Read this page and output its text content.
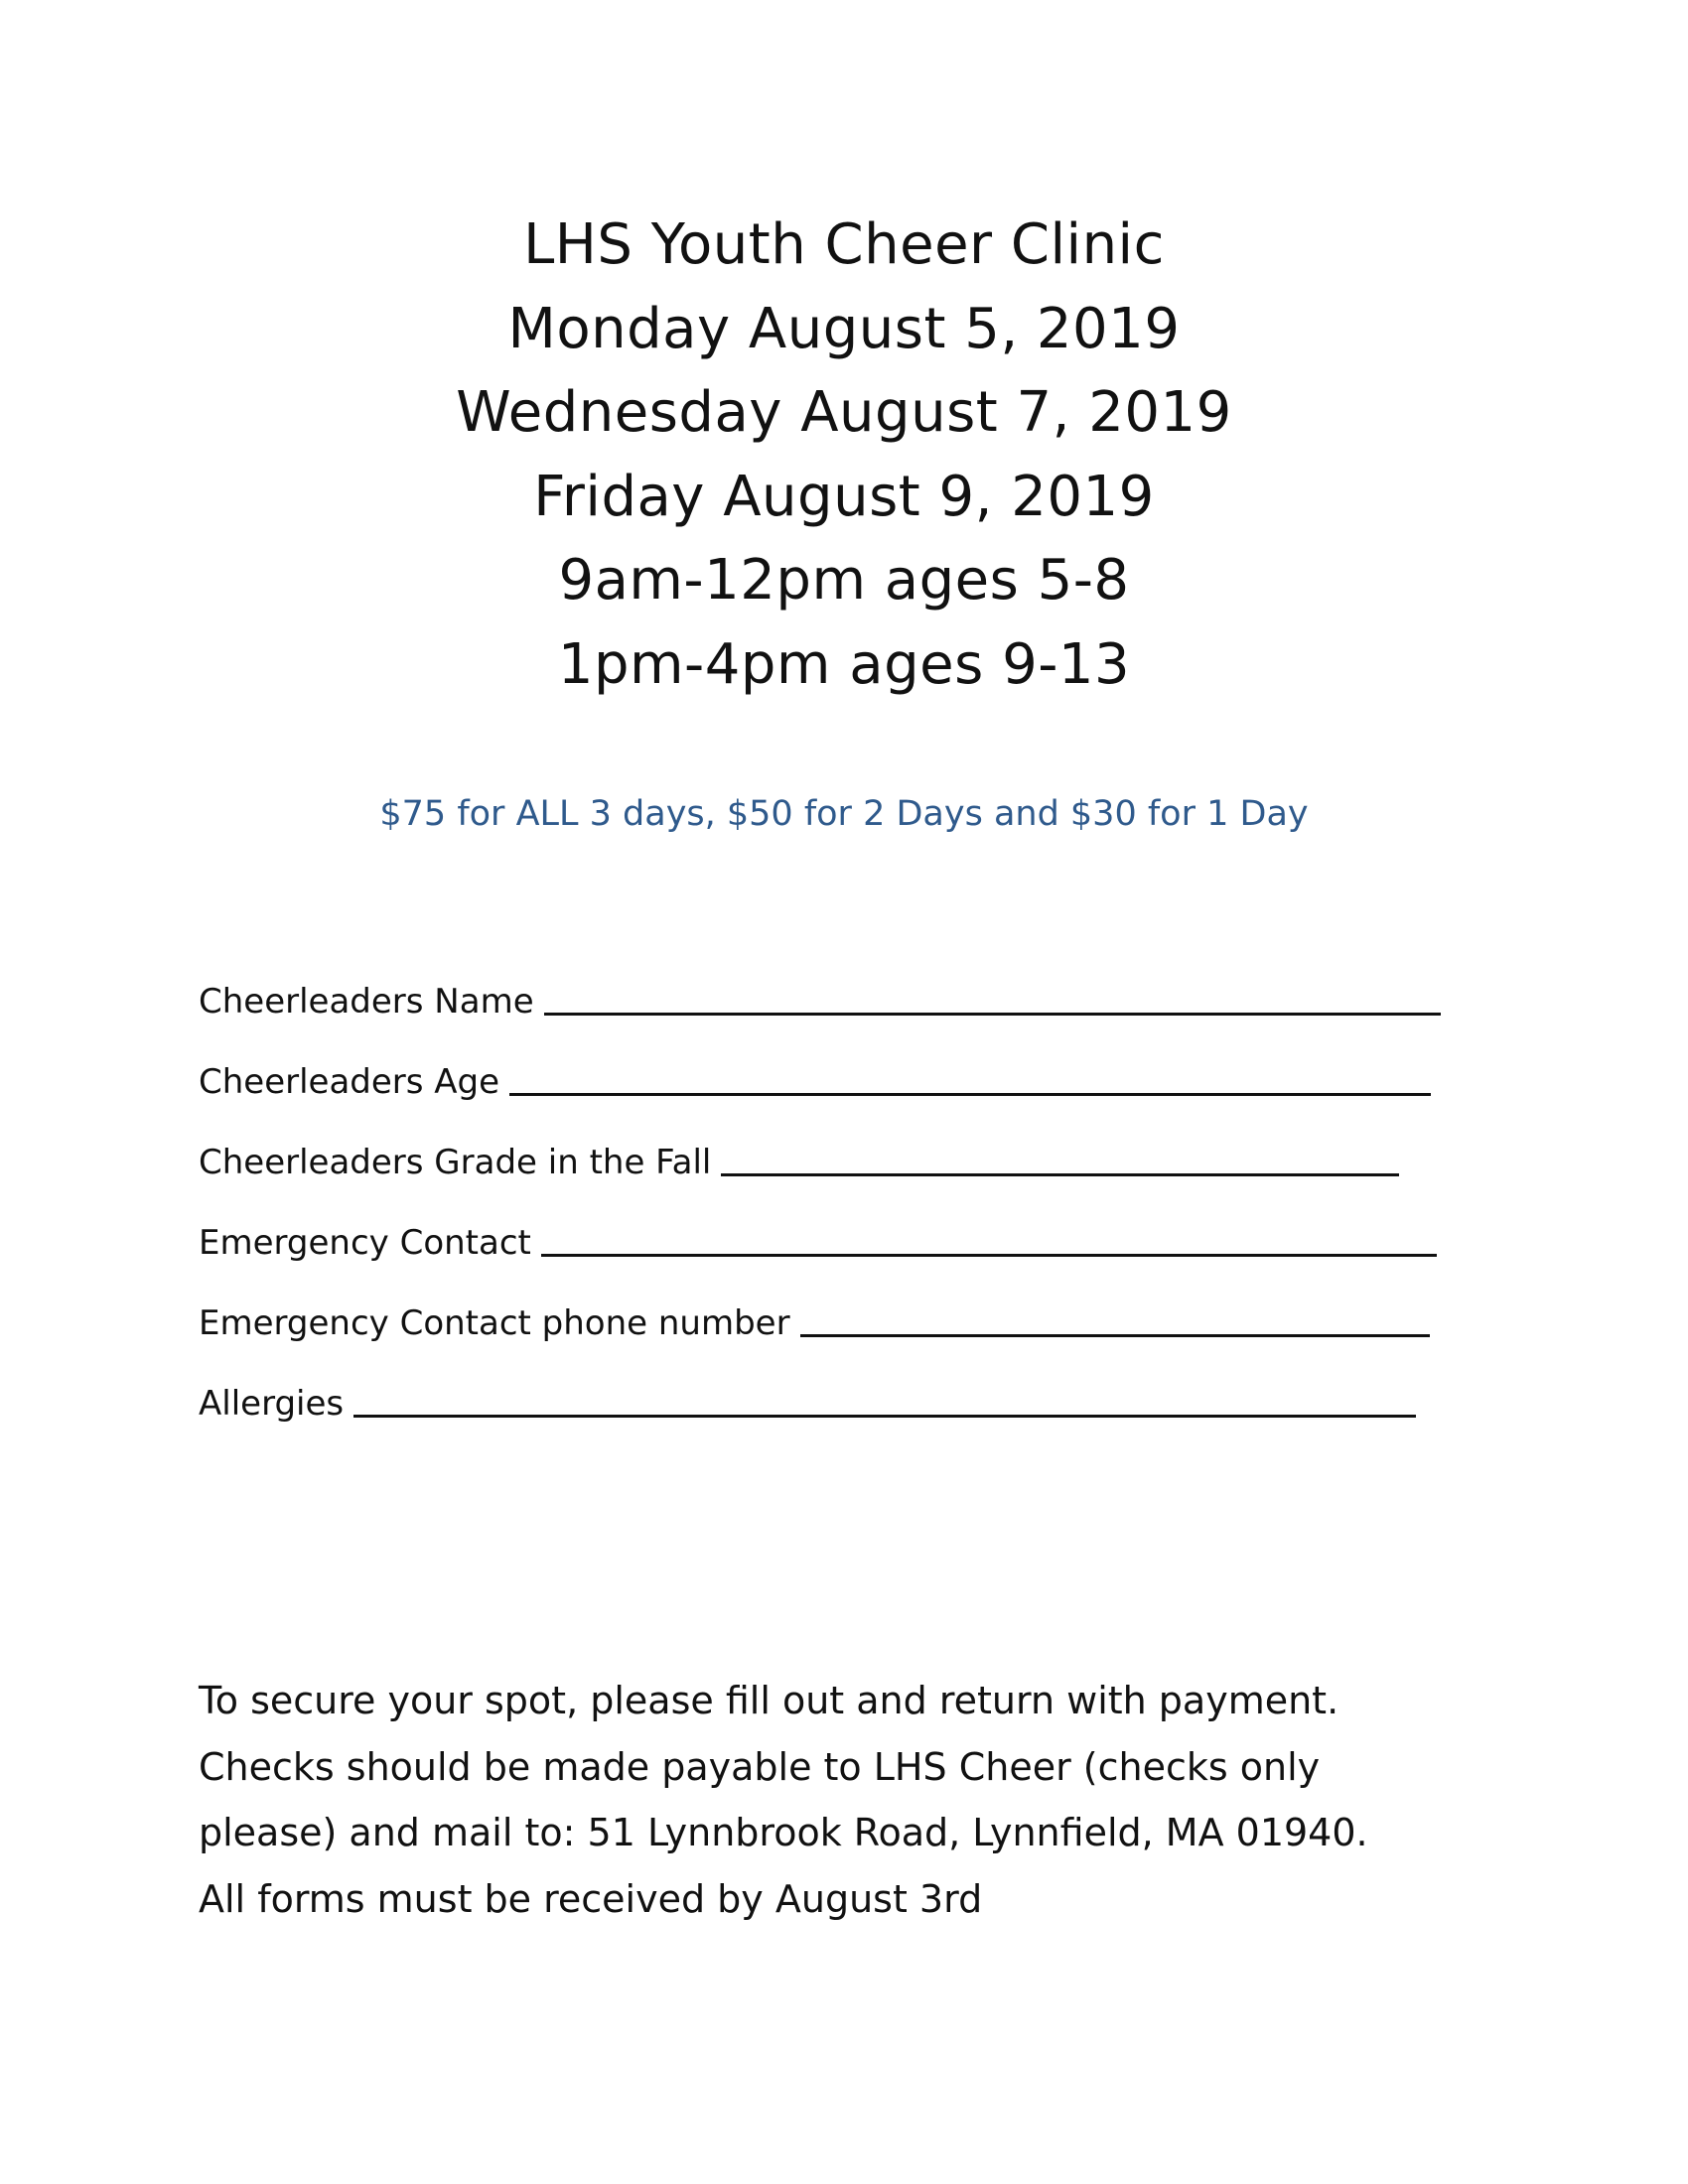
LHS Youth Cheer Clinic
Monday August 5, 2019
Wednesday August 7, 2019
Friday August 9, 2019
9am-12pm ages 5-8
1pm-4pm ages 9-13
$75 for ALL 3 days, $50 for 2 Days and $30 for 1 Day
Cheerleaders Name
Cheerleaders Age
Cheerleaders Grade in the Fall
Emergency Contact
Emergency Contact phone number
Allergies
To secure your spot, please fill out and return with payment.
Checks should be made payable to LHS Cheer (checks only
please) and mail to: 51 Lynnbrook Road, Lynnfield, MA 01940.
All forms must be received by August 3rd
